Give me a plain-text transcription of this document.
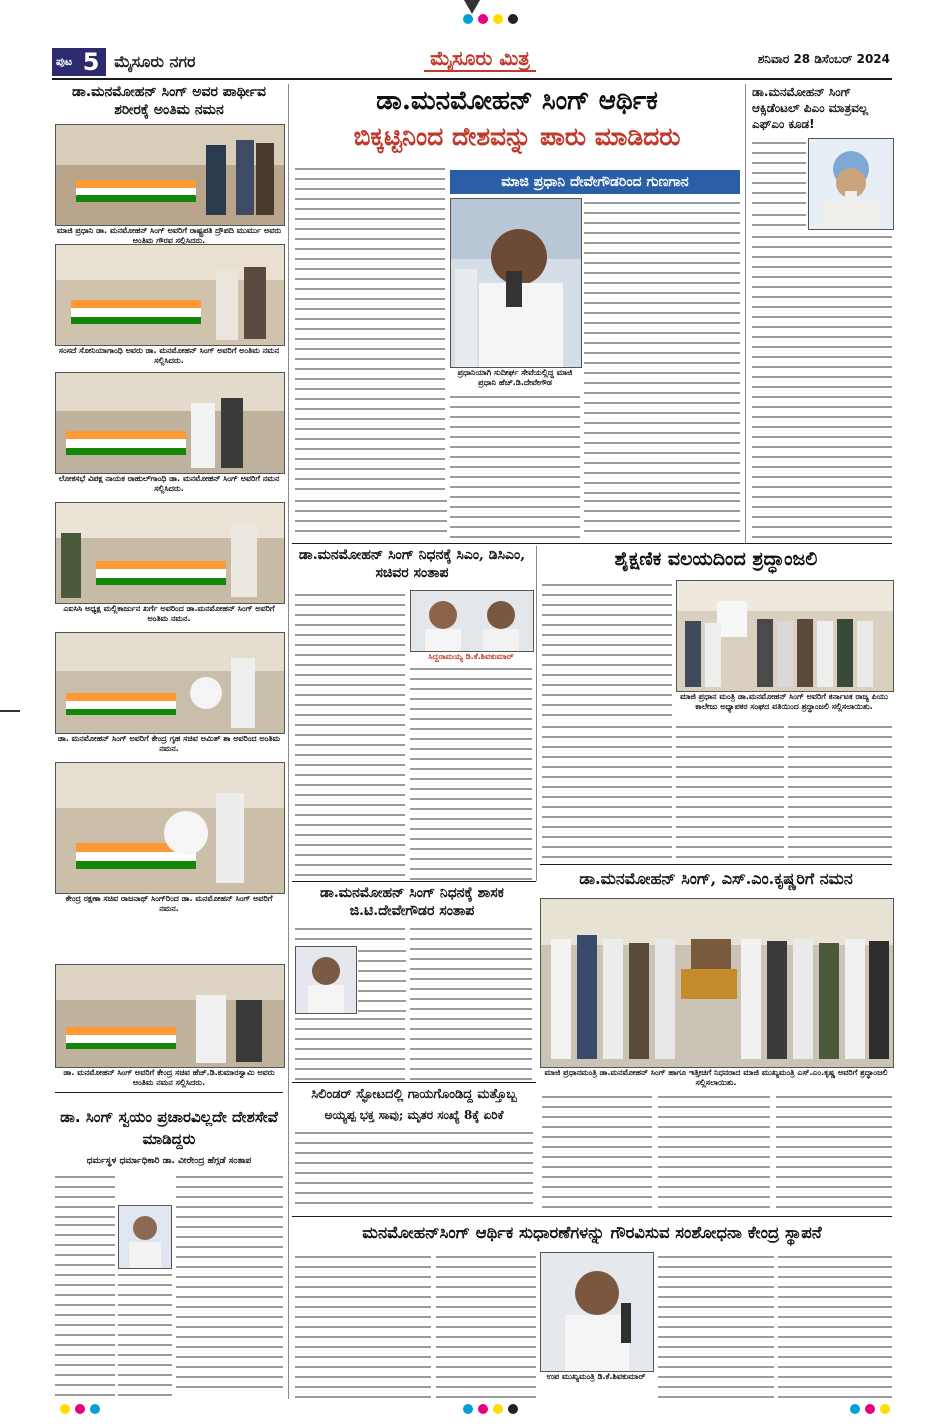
ಪುಟ 5 ಮೈಸೂರು ನಗರ	ಮೈಸೂರು ಮಿತ್ರ	ಶನಿವಾರ 28 ಡಿಸೆಂಬರ್ 2024
ಡಾ.ಮನಮೋಹನ್ ಸಿಂಗ್ ಅವರ ಪಾರ್ಥೀವ ಶರೀರಕ್ಕೆ ಅಂತಿಮ ನಮನ
ಮಾಜಿ ಪ್ರಧಾನಿ ಡಾ. ಮನಮೋಹನ್ ಸಿಂಗ್ ಅವರಿಗೆ ರಾಷ್ಟ್ರಪತಿ ದ್ರೌಪದಿ ಮುರ್ಮು ಅವರು ಅಂತಿಮ ಗೌರವ ಸಲ್ಲಿಸಿದರು.
ಸಂಸದೆ ಸೋನಿಯಾಗಾಂಧಿ ಅವರು ಡಾ. ಮನಮೋಹನ್ ಸಿಂಗ್ ಅವರಿಗೆ ಅಂತಿಮ ನಮನ ಸಲ್ಲಿಸಿದರು.
ಲೋಕಸಭೆ ವಿಪಕ್ಷ ನಾಯಕ ರಾಹುಲ್‌ಗಾಂಧಿ ಡಾ. ಮನಮೋಹನ್ ಸಿಂಗ್ ಅವರಿಗೆ ನಮನ ಸಲ್ಲಿಸಿದರು.
ಎಐಸಿಸಿ ಅಧ್ಯಕ್ಷ ಮಲ್ಲಿಕಾರ್ಜುನ ಖರ್ಗೆ ಅವರಿಂದ ಡಾ.ಮನಮೋಹನ್ ಸಿಂಗ್ ಅವರಿಗೆ ಅಂತಿಮ ನಮನ.
ಡಾ. ಮನಮೋಹನ್ ಸಿಂಗ್ ಅವರಿಗೆ ಕೇಂದ್ರ ಗೃಹ ಸಚಿವ ಅಮಿತ್ ಶಾ ಅವರಿಂದ ಅಂತಿಮ ನಮನ.
ಕೇಂದ್ರ ರಕ್ಷಣಾ ಸಚಿವ ರಾಜನಾಥ್ ಸಿಂಗ್‌ರಿಂದ ಡಾ. ಮನಮೋಹನ್ ಸಿಂಗ್ ಅವರಿಗೆ ನಮನ.
ಡಾ. ಮನಮೋಹನ್ ಸಿಂಗ್ ಅವರಿಗೆ ಕೇಂದ್ರ ಸಚಿವ ಹೆಚ್.ಡಿ.ಕುಮಾರಸ್ವಾಮಿ ಅವರು ಅಂತಿಮ ನಮನ ಸಲ್ಲಿಸಿದರು.
ಡಾ. ಸಿಂಗ್ ಸ್ವಯಂ ಪ್ರಚಾರವಿಲ್ಲದೇ ದೇಶಸೇವೆ ಮಾಡಿದ್ದರು
ಧರ್ಮಸ್ಥಳ ಧರ್ಮಾಧಿಕಾರಿ ಡಾ. ವೀರೇಂದ್ರ ಹೆಗ್ಗಡೆ ಸಂತಾಪ
ಡಾ.ಮನಮೋಹನ್ ಸಿಂಗ್ ಆರ್ಥಿಕ
ಬಿಕ್ಕಟ್ಟಿನಿಂದ ದೇಶವನ್ನು ಪಾರು ಮಾಡಿದರು
ಮಾಜಿ ಪ್ರಧಾನಿ ದೇವೇಗೌಡರಿಂದ ಗುಣಗಾನ
ಪ್ರಧಾನಿಯಾಗಿ ಸುದೀರ್ಘ ಸೇವೆಯಲ್ಲಿದ್ದ ಮಾಜಿ ಪ್ರಧಾನಿ ಹೆಚ್.ಡಿ.ದೇವೇಗೌಡ
ಡಾ.ಮನಮೋಹನ್ ಸಿಂಗ್ ಆಕ್ಸಿಡೆಂಟಲ್ ಪಿಎಂ ಮಾತ್ರವಲ್ಲ ಎಫ್‌ಎಂ ಕೂಡ!
ಡಾ.ಮನಮೋಹನ್ ಸಿಂಗ್ ನಿಧನಕ್ಕೆ ಸಿಎಂ, ಡಿಸಿಎಂ, ಸಚಿವರ ಸಂತಾಪ
ಸಿದ್ದರಾಮಯ್ಯ ಡಿ.ಕೆ.ಶಿವಕುಮಾರ್
ಶೈಕ್ಷಣಿಕ ವಲಯದಿಂದ ಶ್ರದ್ಧಾಂಜಲಿ
ಮಾಜಿ ಪ್ರಧಾನ ಮಂತ್ರಿ ಡಾ.ಮನಮೋಹನ್ ಸಿಂಗ್ ಅವರಿಗೆ ಕರ್ನಾಟಕ ರಾಜ್ಯ ಪಿಯು ಕಾಲೇಜು ಅಧ್ಯಾಪಕರ ಸಂಘದ ವತಿಯಿಂದ ಶ್ರದ್ಧಾಂಜಲಿ ಸಲ್ಲಿಸಲಾಯಿತು.
ಡಾ.ಮನಮೋಹನ್ ಸಿಂಗ್ ನಿಧನಕ್ಕೆ ಶಾಸಕ ಜಿ.ಟಿ.ದೇವೇಗೌಡರ ಸಂತಾಪ
ಡಾ.ಮನಮೋಹನ್ ಸಿಂಗ್, ಎಸ್.ಎಂ.ಕೃಷ್ಣರಿಗೆ ನಮನ
ಮಾಜಿ ಪ್ರಧಾನಮಂತ್ರಿ ಡಾ.ಮನಮೋಹನ್ ಸಿಂಗ್ ಹಾಗೂ ಇತ್ತೀಚಿಗೆ ನಿಧನರಾದ ಮಾಜಿ ಮುಖ್ಯಮಂತ್ರಿ ಎಸ್.ಎಂ.ಕೃಷ್ಣ ಅವರಿಗೆ ಶ್ರದ್ಧಾಂಜಲಿ ಸಲ್ಲಿಸಲಾಯಿತು.
ಸಿಲಿಂಡರ್ ಸ್ಫೋಟದಲ್ಲಿ ಗಾಯಗೊಂಡಿದ್ದ ಮತ್ತೊಬ್ಬ
ಅಯ್ಯಪ್ಪ ಭಕ್ತ ಸಾವು; ಮೃತರ ಸಂಖ್ಯೆ 8ಕ್ಕೆ ಏರಿಕೆ
ಮನಮೋಹನ್‌ಸಿಂಗ್ ಆರ್ಥಿಕ ಸುಧಾರಣೆಗಳನ್ನು ಗೌರವಿಸುವ ಸಂಶೋಧನಾ ಕೇಂದ್ರ ಸ್ಥಾಪನೆ
ಉಪ ಮುಖ್ಯಮಂತ್ರಿ ಡಿ.ಕೆ.ಶಿವಕುಮಾರ್
